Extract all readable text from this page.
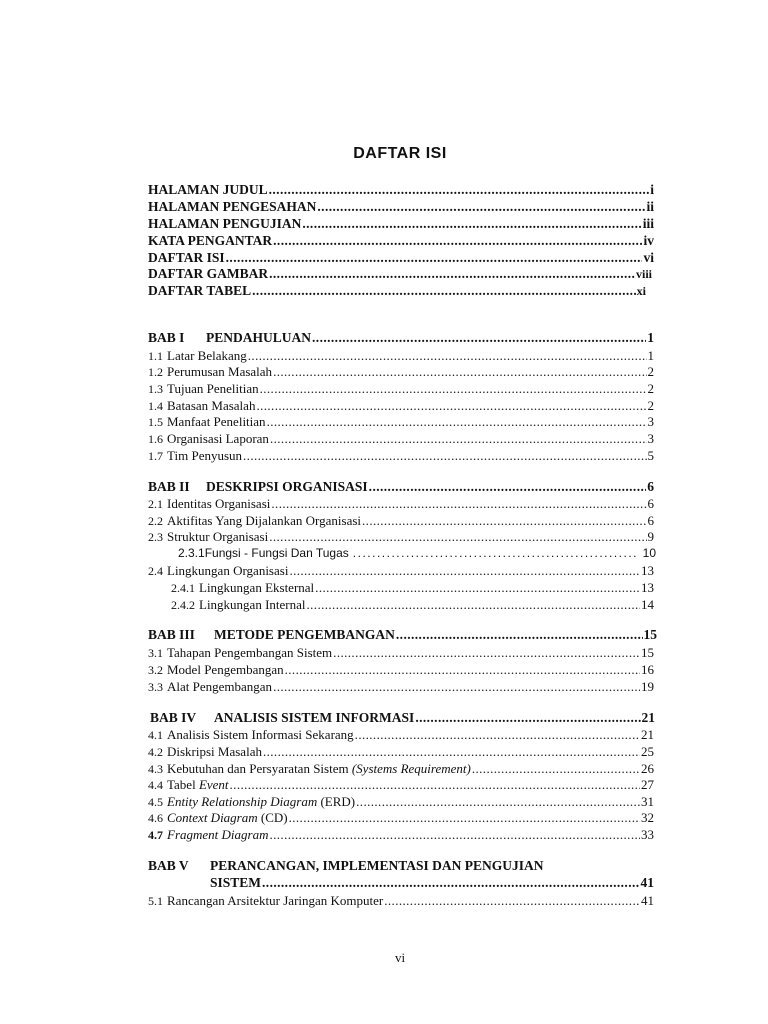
DAFTAR ISI
HALAMAN JUDUL .....	i
HALAMAN PENGESAHAN .....	ii
HALAMAN PENGUJIAN .....	iii
KATA PENGANTAR .....	iv
DAFTAR ISI .....	vi
DAFTAR GAMBAR .....	viii
DAFTAR TABEL .....	xi
BAB I PENDAHULUAN .....	1
1.1 Latar Belakang .....	1
1.2 Perumusan Masalah .....	2
1.3 Tujuan Penelitian .....	2
1.4 Batasan Masalah .....	2
1.5 Manfaat Penelitian .....	3
1.6 Organisasi Laporan .....	3
1.7 Tim Penyusun .....	5
BAB II DESKRIPSI ORGANISASI .....	6
2.1 Identitas Organisasi .....	6
2.2 Aktifitas Yang Dijalankan Organisasi .....	6
2.3 Struktur Organisasi .....	9
2.3.1 Fungsi - Fungsi Dan Tugas .....	10
2.4 Lingkungan Organisasi .....	13
2.4.1 Lingkungan Eksternal .....	13
2.4.2 Lingkungan Internal .....	14
BAB III METODE PENGEMBANGAN .....	15
3.1 Tahapan Pengembangan Sistem .....	15
3.2 Model Pengembangan .....	16
3.3 Alat Pengembangan .....	19
BAB IV ANALISIS SISTEM INFORMASI .....	21
4.1 Analisis Sistem Informasi Sekarang .....	21
4.2 Diskripsi Masalah .....	25
4.3 Kebutuhan dan Persyaratan Sistem (Systems Requirement) .....	26
4.4 Tabel Event .....	27
4.5 Entity Relationship Diagram (ERD) .....	31
4.6 Context Diagram (CD) .....	32
4.7 Fragment Diagram .....	33
BAB V PERANCANGAN, IMPLEMENTASI DAN PENGUJIAN
SISTEM .....	41
5.1 Rancangan Arsitektur Jaringan Komputer .....	41
vi
